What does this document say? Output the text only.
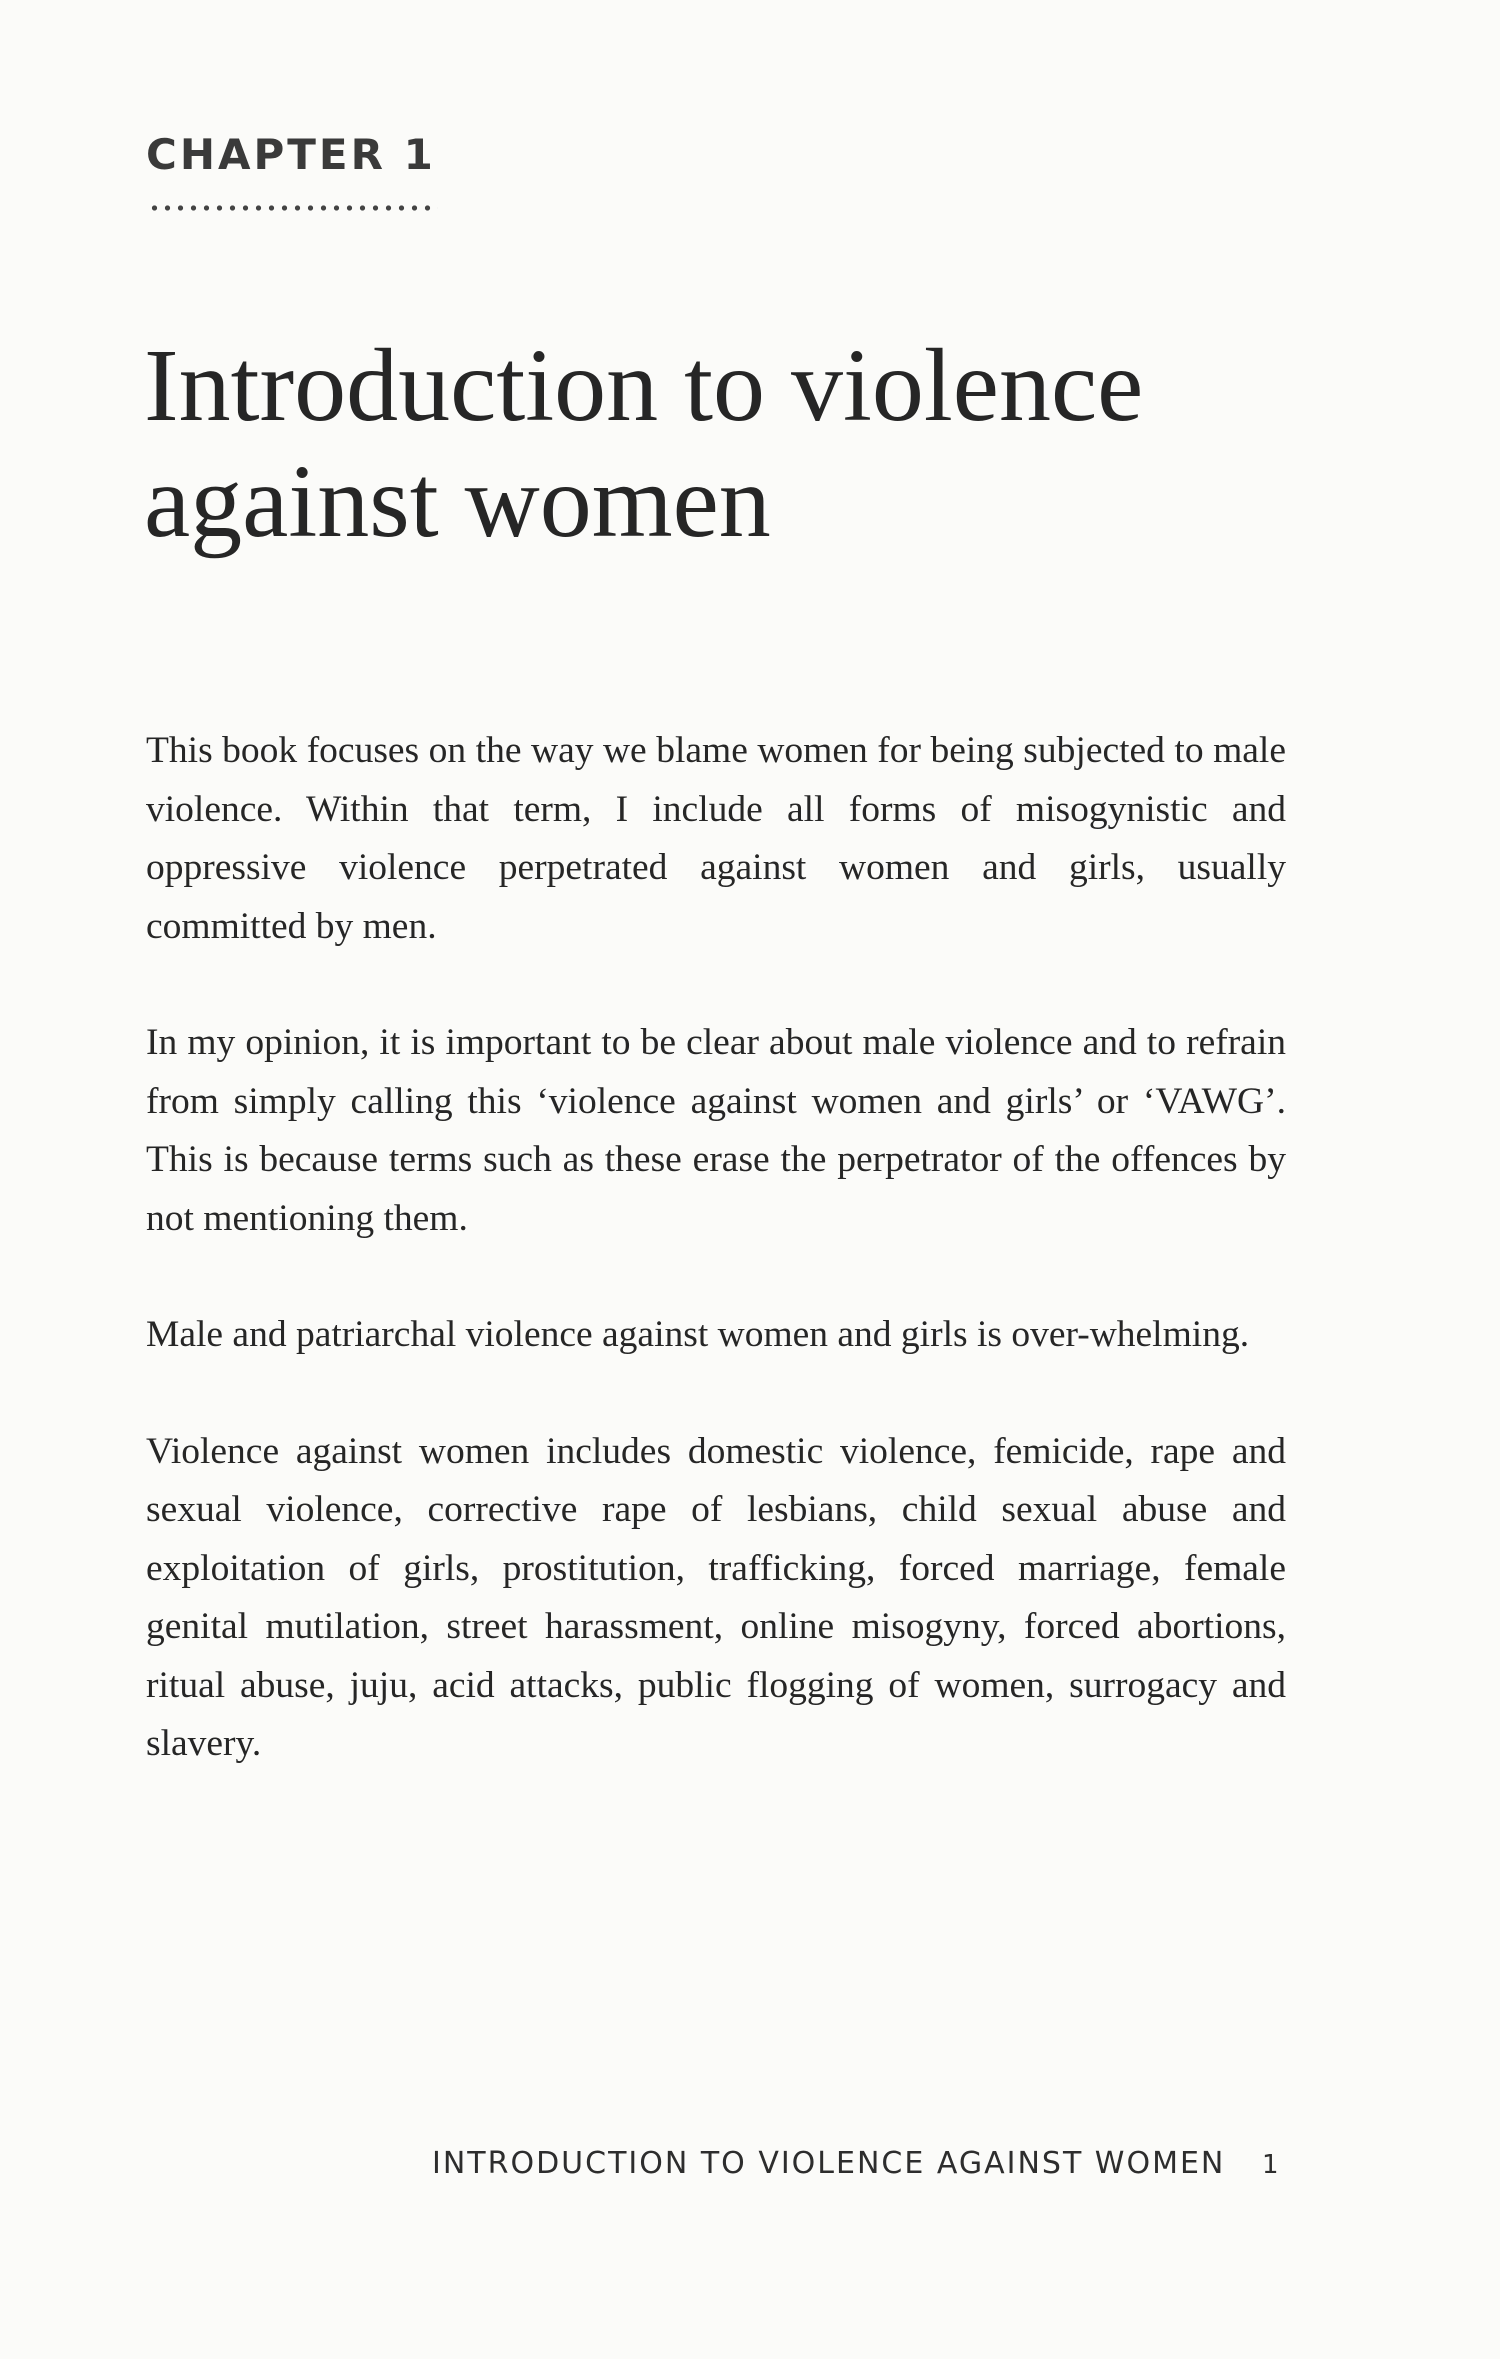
CHAPTER 1
Introduction to violence
against women

This book focuses on the way we blame women for being subjected to male violence. Within that term, I include all forms of misogynistic and oppressive violence perpetrated against women and girls, usually committed by men.

In my opinion, it is important to be clear about male violence and to refrain from simply calling this ‘violence against women and girls’ or ‘VAWG’. This is because terms such as these erase the perpetrator of the offences by not mentioning them.

Male and patriarchal violence against women and girls is over-whelming.

Violence against women includes domestic violence, femicide, rape and sexual violence, corrective rape of lesbians, child sexual abuse and exploitation of girls, prostitution, trafficking, forced marriage, female genital mutilation, street harassment, online misogyny, forced abortions, ritual abuse, juju, acid attacks, public flogging of women, surrogacy and slavery.

INTRODUCTION TO VIOLENCE AGAINST WOMEN 1
